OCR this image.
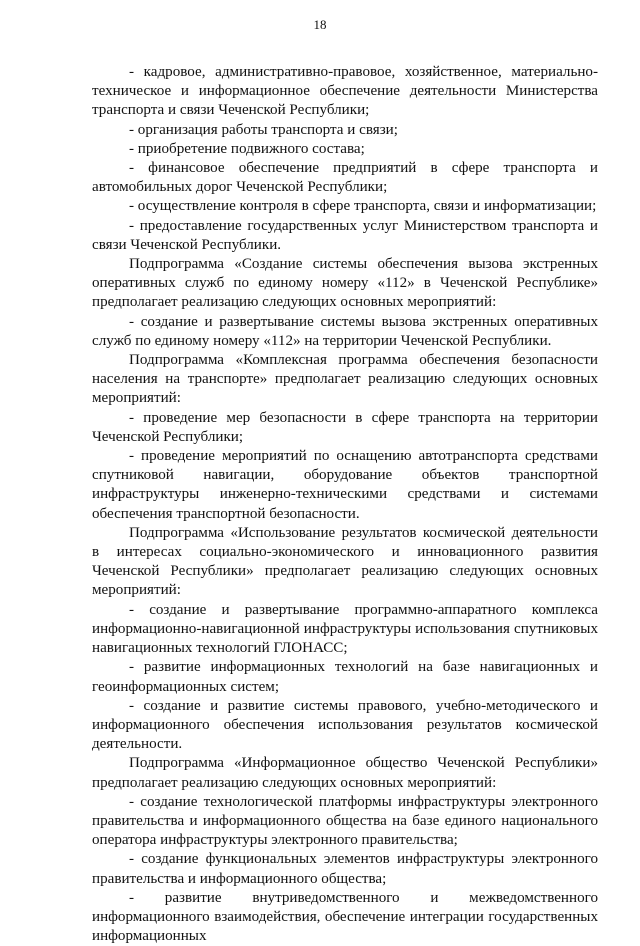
18

- кадровое, административно-правовое, хозяйственное, материально-техническое и информационное обеспечение деятельности Министерства транспорта и связи Чеченской Республики;

- организация работы транспорта и связи;

- приобретение подвижного состава;

- финансовое обеспечение предприятий в сфере транспорта и автомобильных дорог Чеченской Республики;

- осуществление контроля в сфере транспорта, связи и информатизации;

- предоставление государственных услуг Министерством транспорта и связи Чеченской Республики.

Подпрограмма «Создание системы обеспечения вызова экстренных оперативных служб по единому номеру «112» в Чеченской Республике» предполагает реализацию следующих основных мероприятий:

- создание и развертывание системы вызова экстренных оперативных служб по единому номеру «112» на территории Чеченской Республики.

Подпрограмма «Комплексная программа обеспечения безопасности населения на транспорте» предполагает реализацию следующих основных мероприятий:

- проведение мер безопасности в сфере транспорта на территории Чеченской Республики;

- проведение мероприятий по оснащению автотранспорта средствами спутниковой навигации, оборудование объектов транспортной инфраструктуры инженерно-техническими средствами и системами обеспечения транспортной безопасности.

Подпрограмма «Использование результатов космической деятельности в интересах социально-экономического и инновационного развития Чеченской Республики» предполагает реализацию следующих основных мероприятий:

- создание и развертывание программно-аппаратного комплекса информационно-навигационной инфраструктуры использования спутниковых навигационных технологий ГЛОНАСС;

- развитие информационных технологий на базе навигационных и геоинформационных систем;

- создание и развитие системы правового, учебно-методического и информационного обеспечения использования результатов космической деятельности.

Подпрограмма «Информационное общество Чеченской Республики» предполагает реализацию следующих основных мероприятий:

- создание технологической платформы инфраструктуры электронного правительства и информационного общества на базе единого национального оператора инфраструктуры электронного правительства;

- создание функциональных элементов инфраструктуры электронного правительства и информационного общества;

- развитие внутриведомственного и межведомственного информационного взаимодействия, обеспечение интеграции государственных информационных
